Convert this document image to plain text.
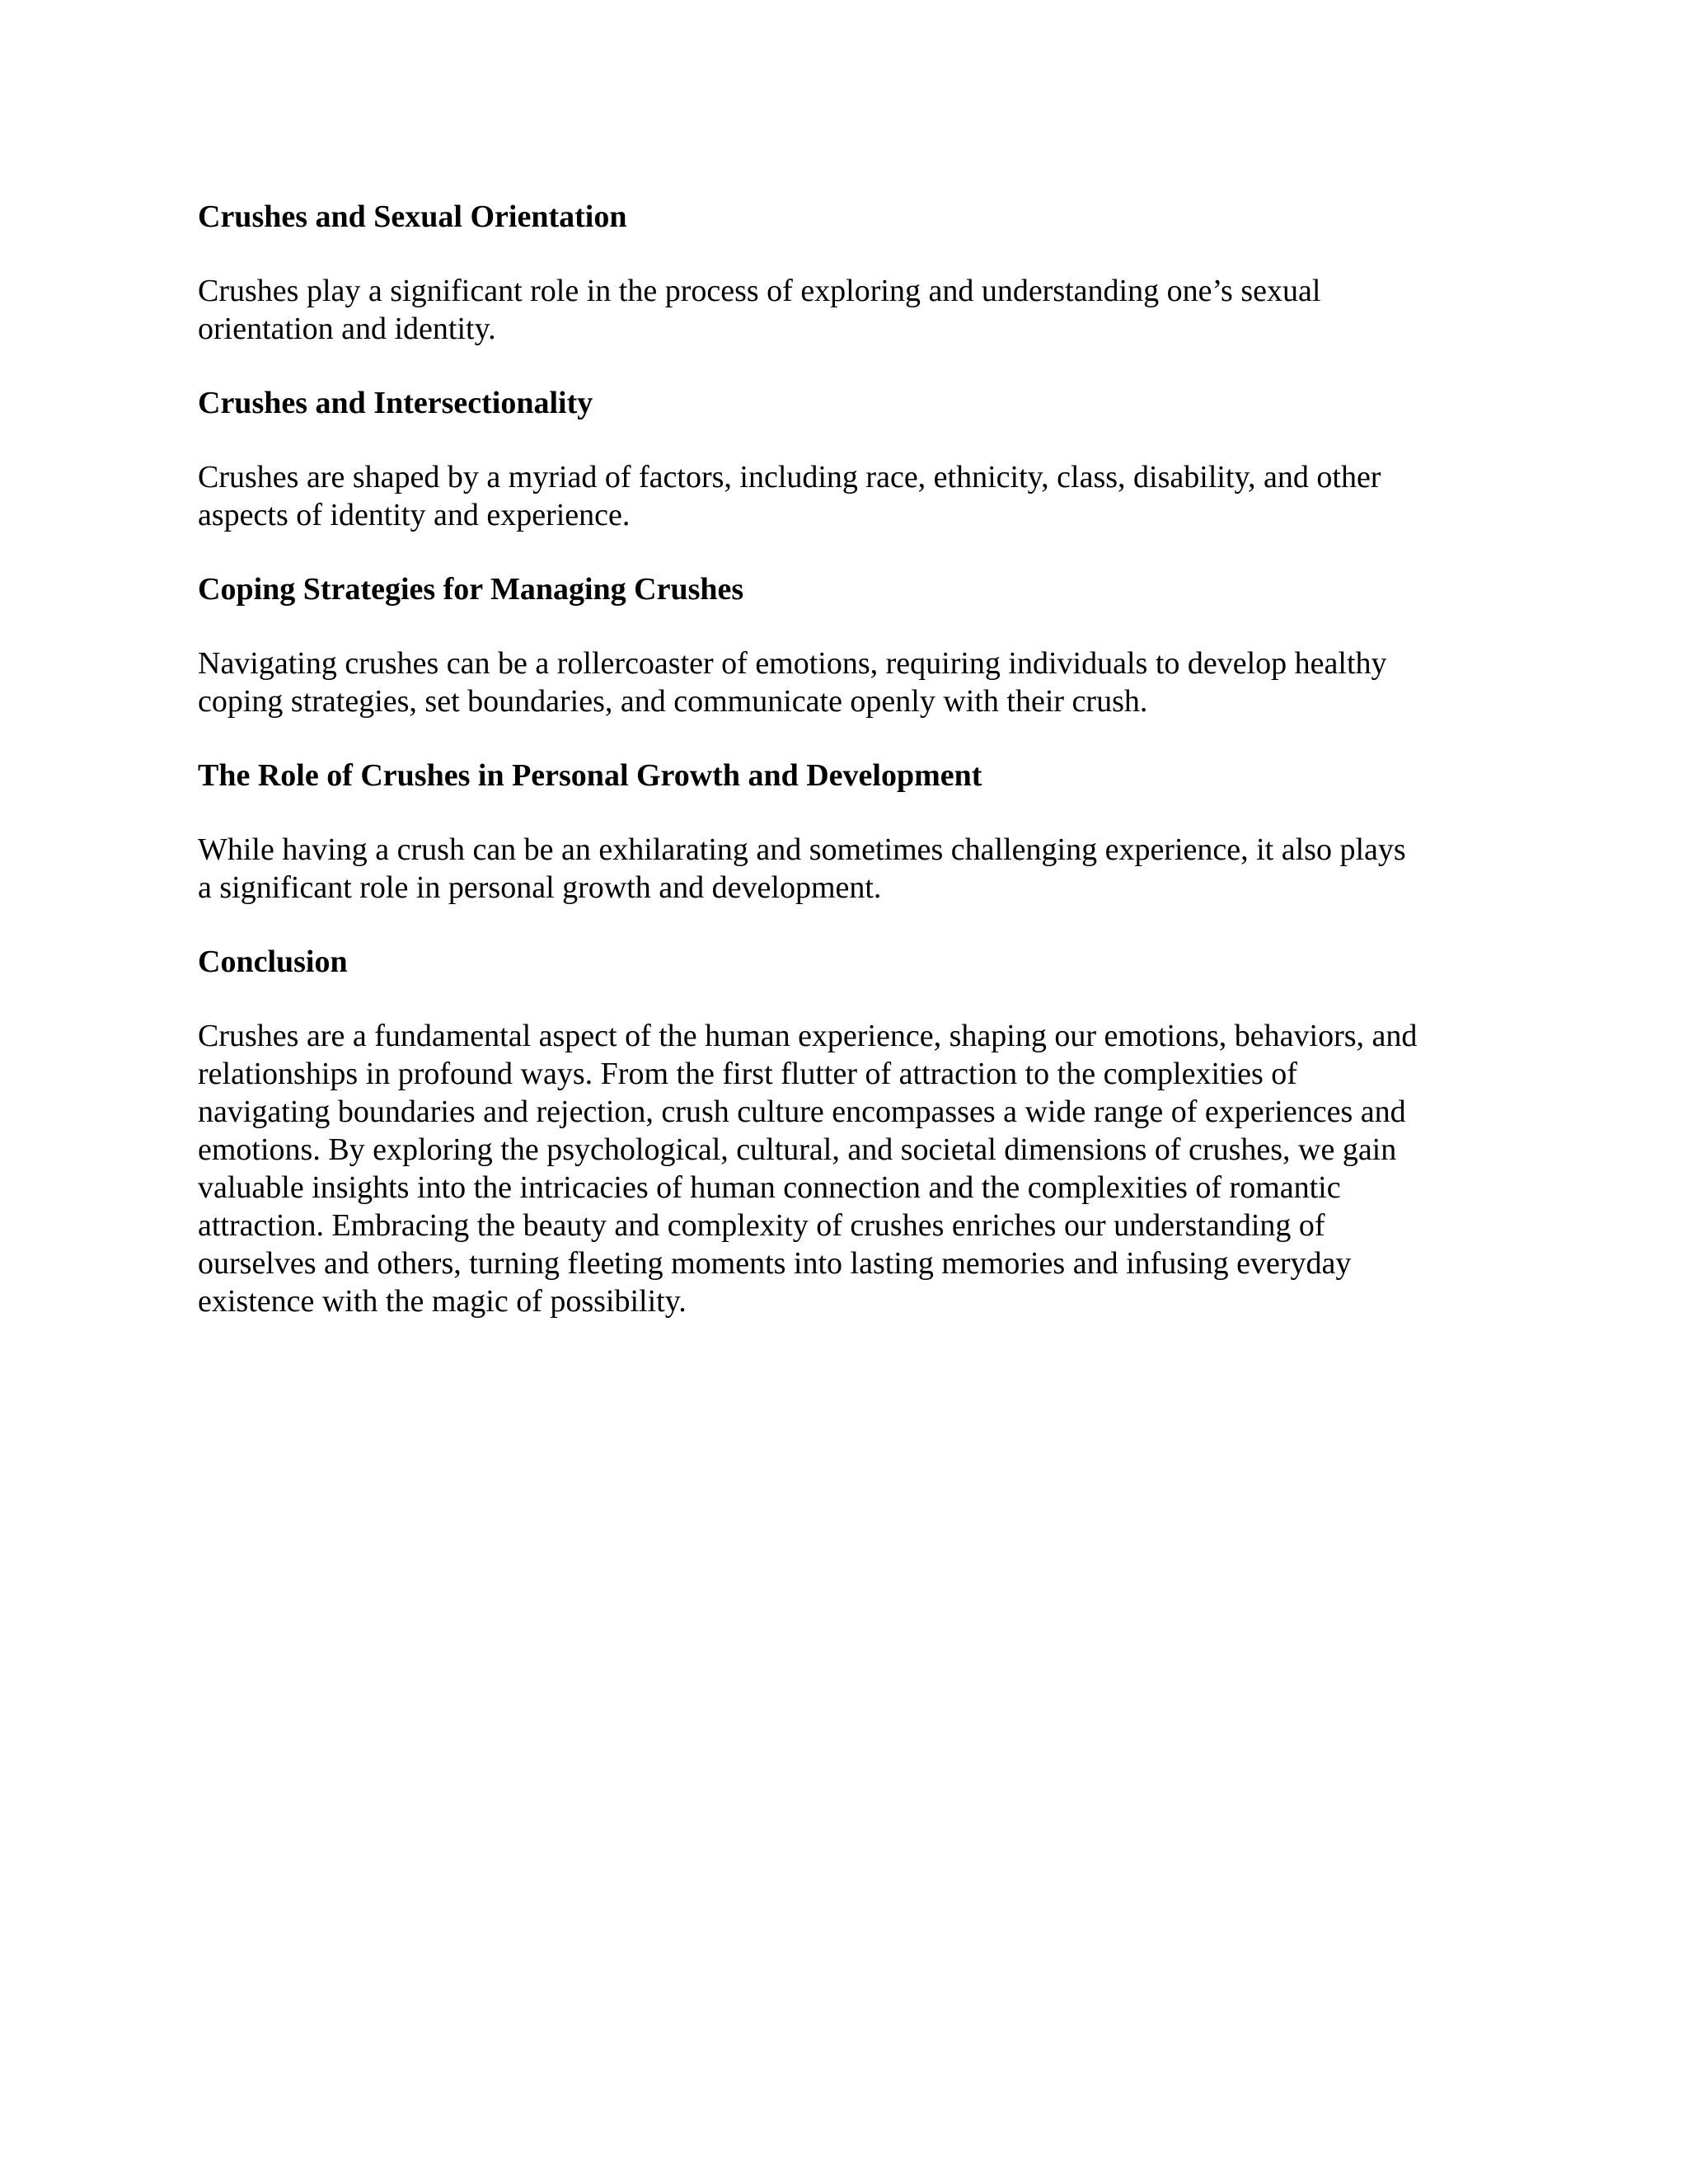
Crushes and Sexual Orientation

Crushes play a significant role in the process of exploring and understanding one’s sexual
orientation and identity.

Crushes and Intersectionality

Crushes are shaped by a myriad of factors, including race, ethnicity, class, disability, and other
aspects of identity and experience.

Coping Strategies for Managing Crushes

Navigating crushes can be a rollercoaster of emotions, requiring individuals to develop healthy
coping strategies, set boundaries, and communicate openly with their crush.

The Role of Crushes in Personal Growth and Development

While having a crush can be an exhilarating and sometimes challenging experience, it also plays
a significant role in personal growth and development.

Conclusion

Crushes are a fundamental aspect of the human experience, shaping our emotions, behaviors, and
relationships in profound ways. From the first flutter of attraction to the complexities of
navigating boundaries and rejection, crush culture encompasses a wide range of experiences and
emotions. By exploring the psychological, cultural, and societal dimensions of crushes, we gain
valuable insights into the intricacies of human connection and the complexities of romantic
attraction. Embracing the beauty and complexity of crushes enriches our understanding of
ourselves and others, turning fleeting moments into lasting memories and infusing everyday
existence with the magic of possibility.
